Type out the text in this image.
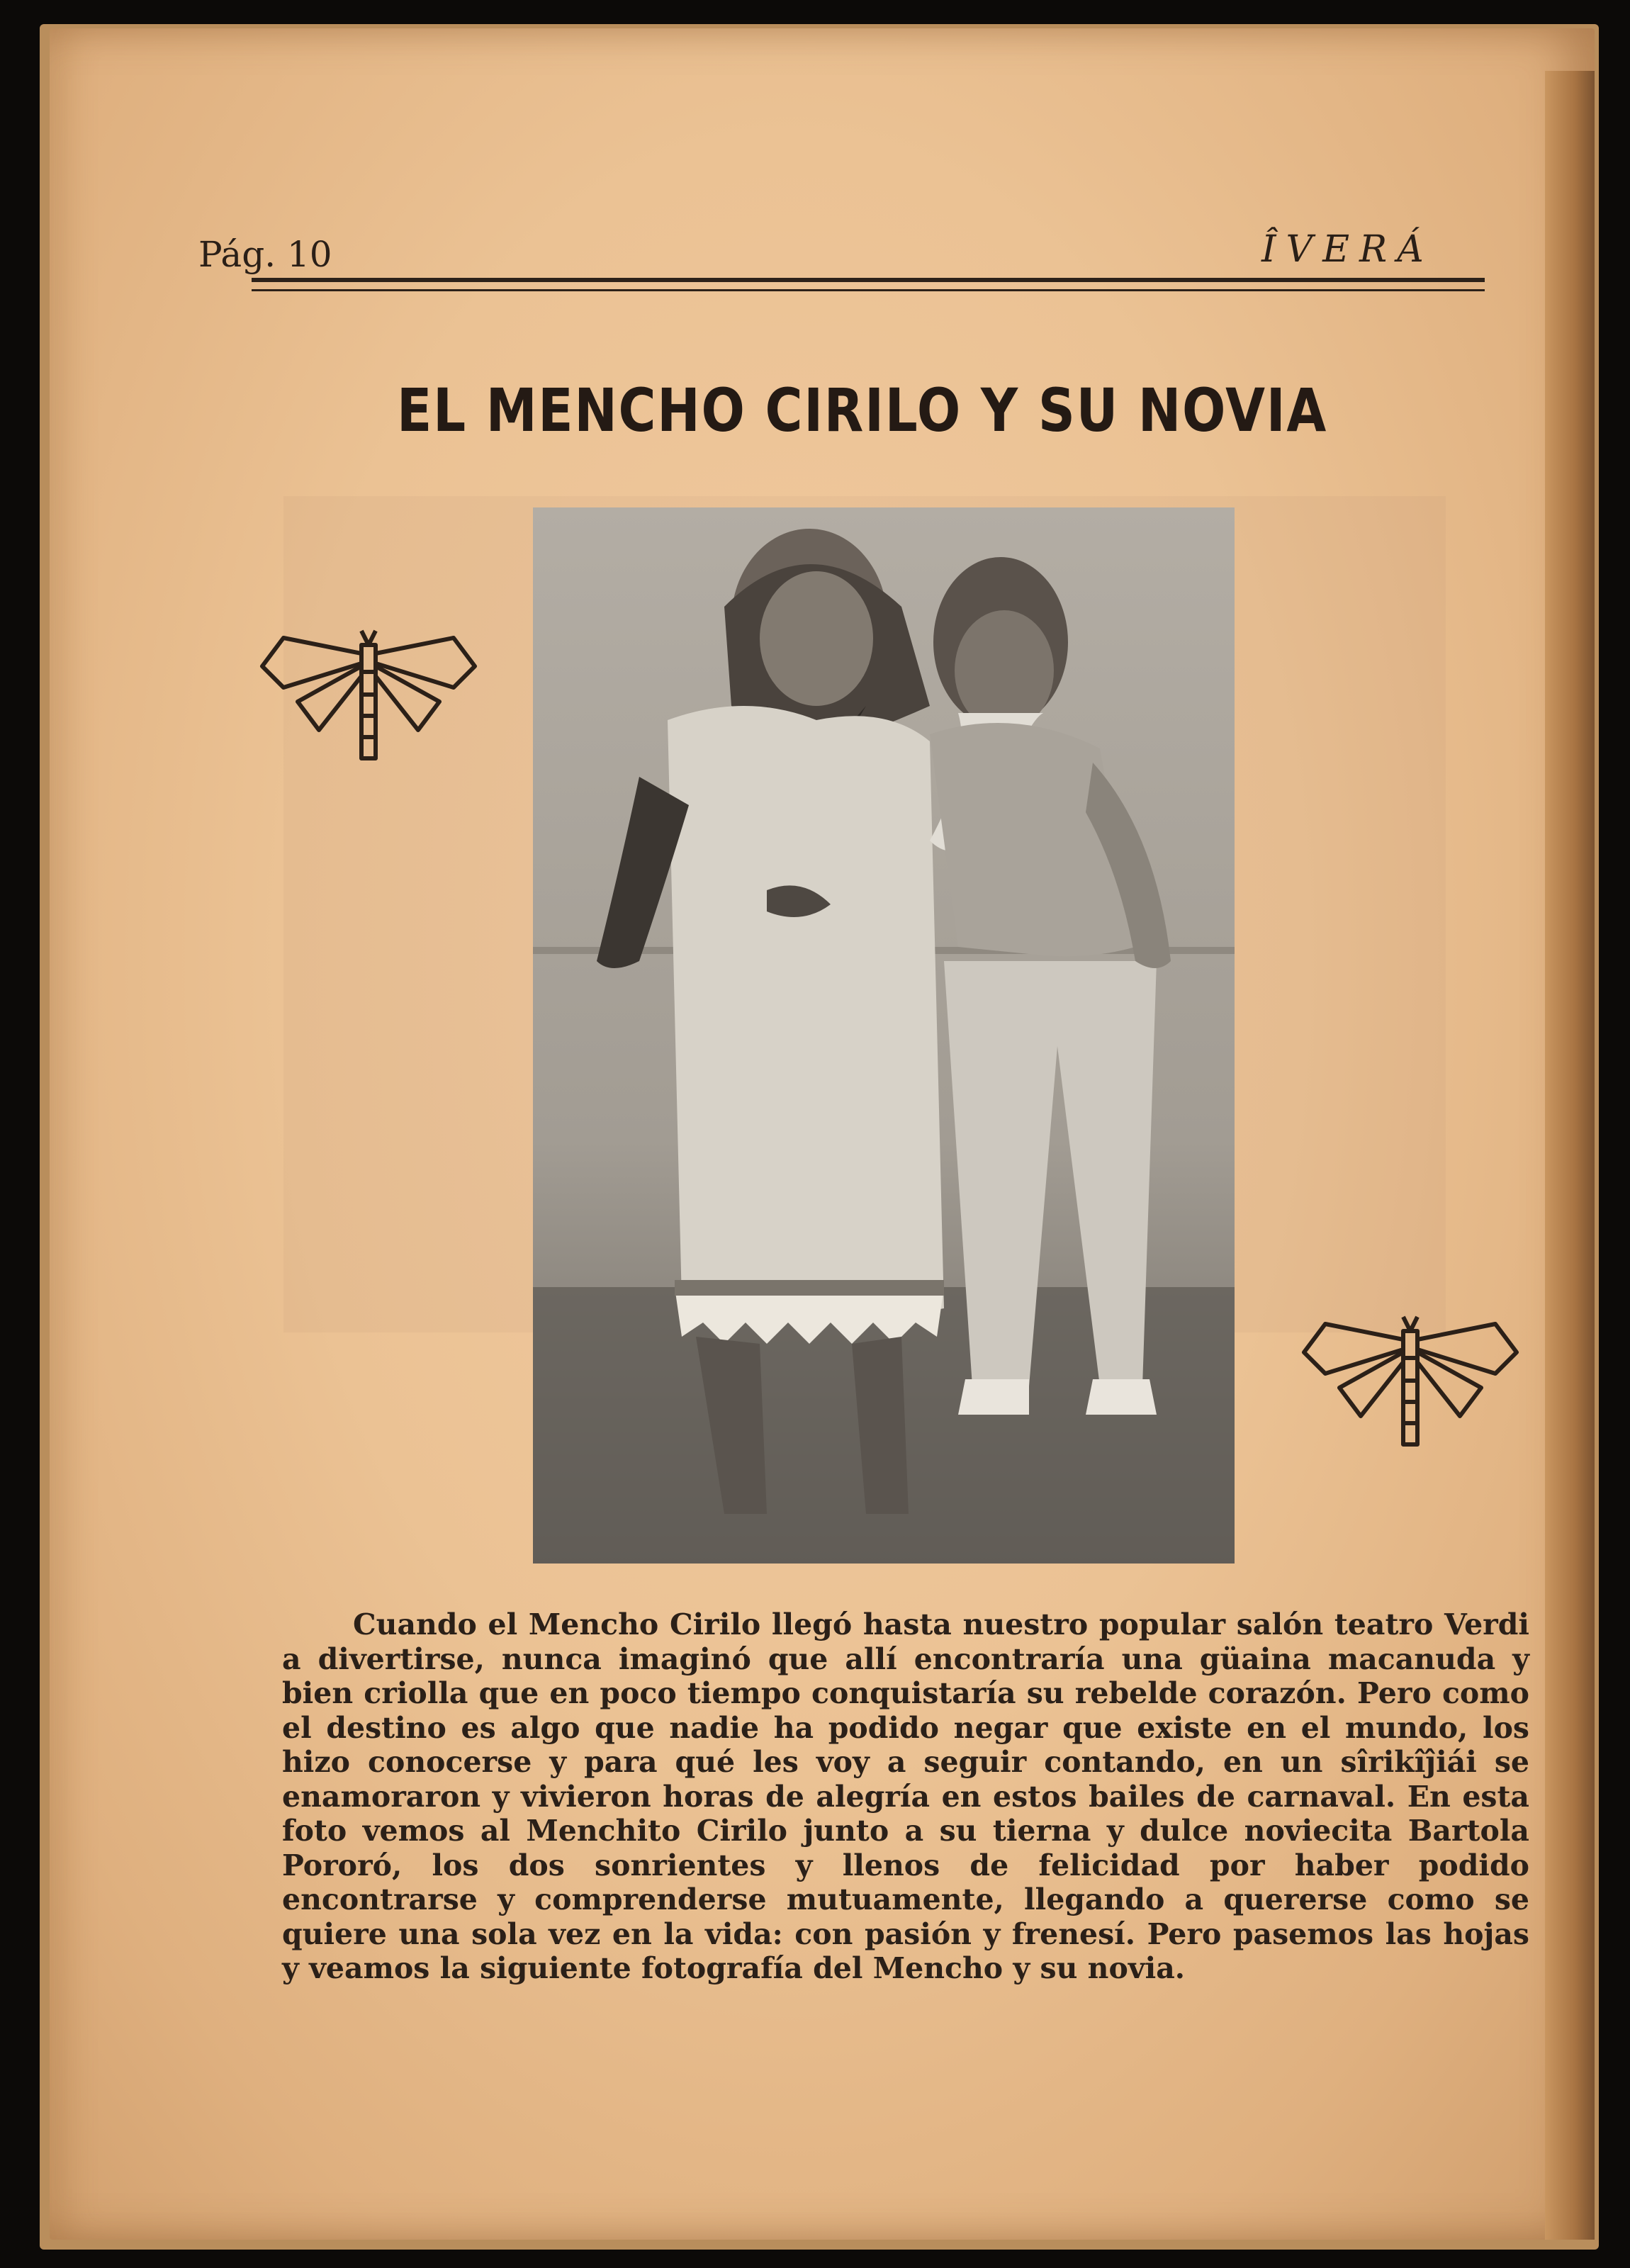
Pág. 10	ÎVERÁ
EL MENCHO CIRILO Y SU NOVIA

Cuando el Mencho Cirilo llegó hasta nuestro popular salón teatro Verdi a divertirse, nunca imaginó que allí encontraría una güaina macanuda y bien criolla que en poco tiempo conquistaría su rebelde corazón. Pero como el destino es algo que nadie ha podido negar que existe en el mundo, los hizo conocerse y para qué les voy a seguir contando, en un sîrikîĵiái se enamoraron y vivieron horas de alegría en estos bailes de carnaval. En esta foto vemos al Menchito Cirilo junto a su tierna y dulce noviecita Bartola Pororó, los dos sonrientes y llenos de felicidad por haber podido encontrarse y comprenderse mutuamente, llegando a quererse como se quiere una sola vez en la vida: con pasión y frenesí. Pero pasemos las hojas y veamos la siguiente fotografía del Mencho y su novia.
